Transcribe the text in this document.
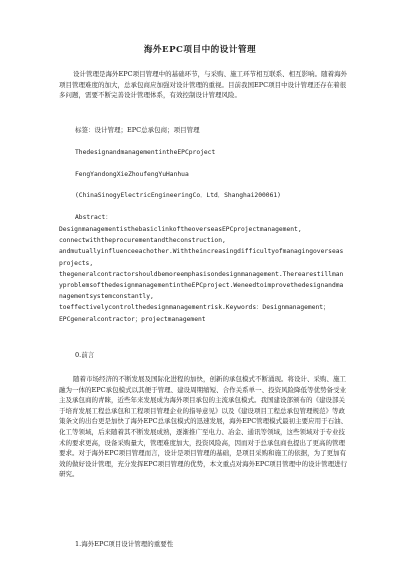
海外EPC项目中的设计管理

设计管理是海外EPC项目管理中的基础环节，与采购、施工环节相互联系、相互影响。随着海外项目管理难度的加大，总承包商应加强对设计管理的重视。目前我国EPC项目中设计管理还存在着很多问题，需要不断完善设计管理体系，有效控制设计管理风险。

标签：设计管理；EPC总承包商；项目管理
ThedesignandmanagementintheEPCproject
FengYandongXieZhoufengYuHanhua
(ChinaSinogyElectricEngineeringCo．Ltd．Shanghai200061)
Abstract：
DesignmanagementisthebasiclinkoftheoverseasEPCprojectmanagement,
connectwiththeprocurementandtheconstruction,
andmutuallyinfluenceeachother.Withtheincreasingdifficultyofmanagingoverseas
projects,
thegeneralcontractorshouldbemoreemphasisondesignmanagement.Therearestillman
yproblemsofthedesignmanagementintheEPCproject.Weneedtoimprovethedesignandma
nagementsystemconstantly,
toeffectivelycontrolthedesignmanagementrisk.Keywords：Designmanagement；
EPCgeneralcontractor；projectmanagement
0.前言

随着市场经济的不断发展及国际化进程的加快，创新的承包模式不断涌现。将设计、采购、施工融为一体的EPC承包模式以其便于管理、建设周期缩短、合作关系单一、投资风险降低等优势备受业主及承包商的青睐，近些年来发展成为海外项目承包的主流承包模式。我国建设部颁布的《建设部关于培育发展工程总承包和工程项目管理企业的指导意见》以及《建设项目工程总承包管理规范》等政策条文的出台更是加快了海外EPC总承包模式的迅速发展，海外EPC管理模式最初主要应用于石油、化工等领域，后来随着其不断发展成熟，逐渐推广至电力、冶金、通讯等领域，这些领域对于专业技术的要求更高，设备采购量大，管理难度加大，投资风险高，因而对于总承包商也提出了更高的管理要求。对于海外EPC项目管理而言，设计是项目管理的基础，是项目采购和施工的依据，为了更加有效的做好设计管理，充分发挥EPC项目管理的优势，本文重点对海外EPC项目管理中的设计管理进行研究。

1.海外EPC项目设计管理的重要性
